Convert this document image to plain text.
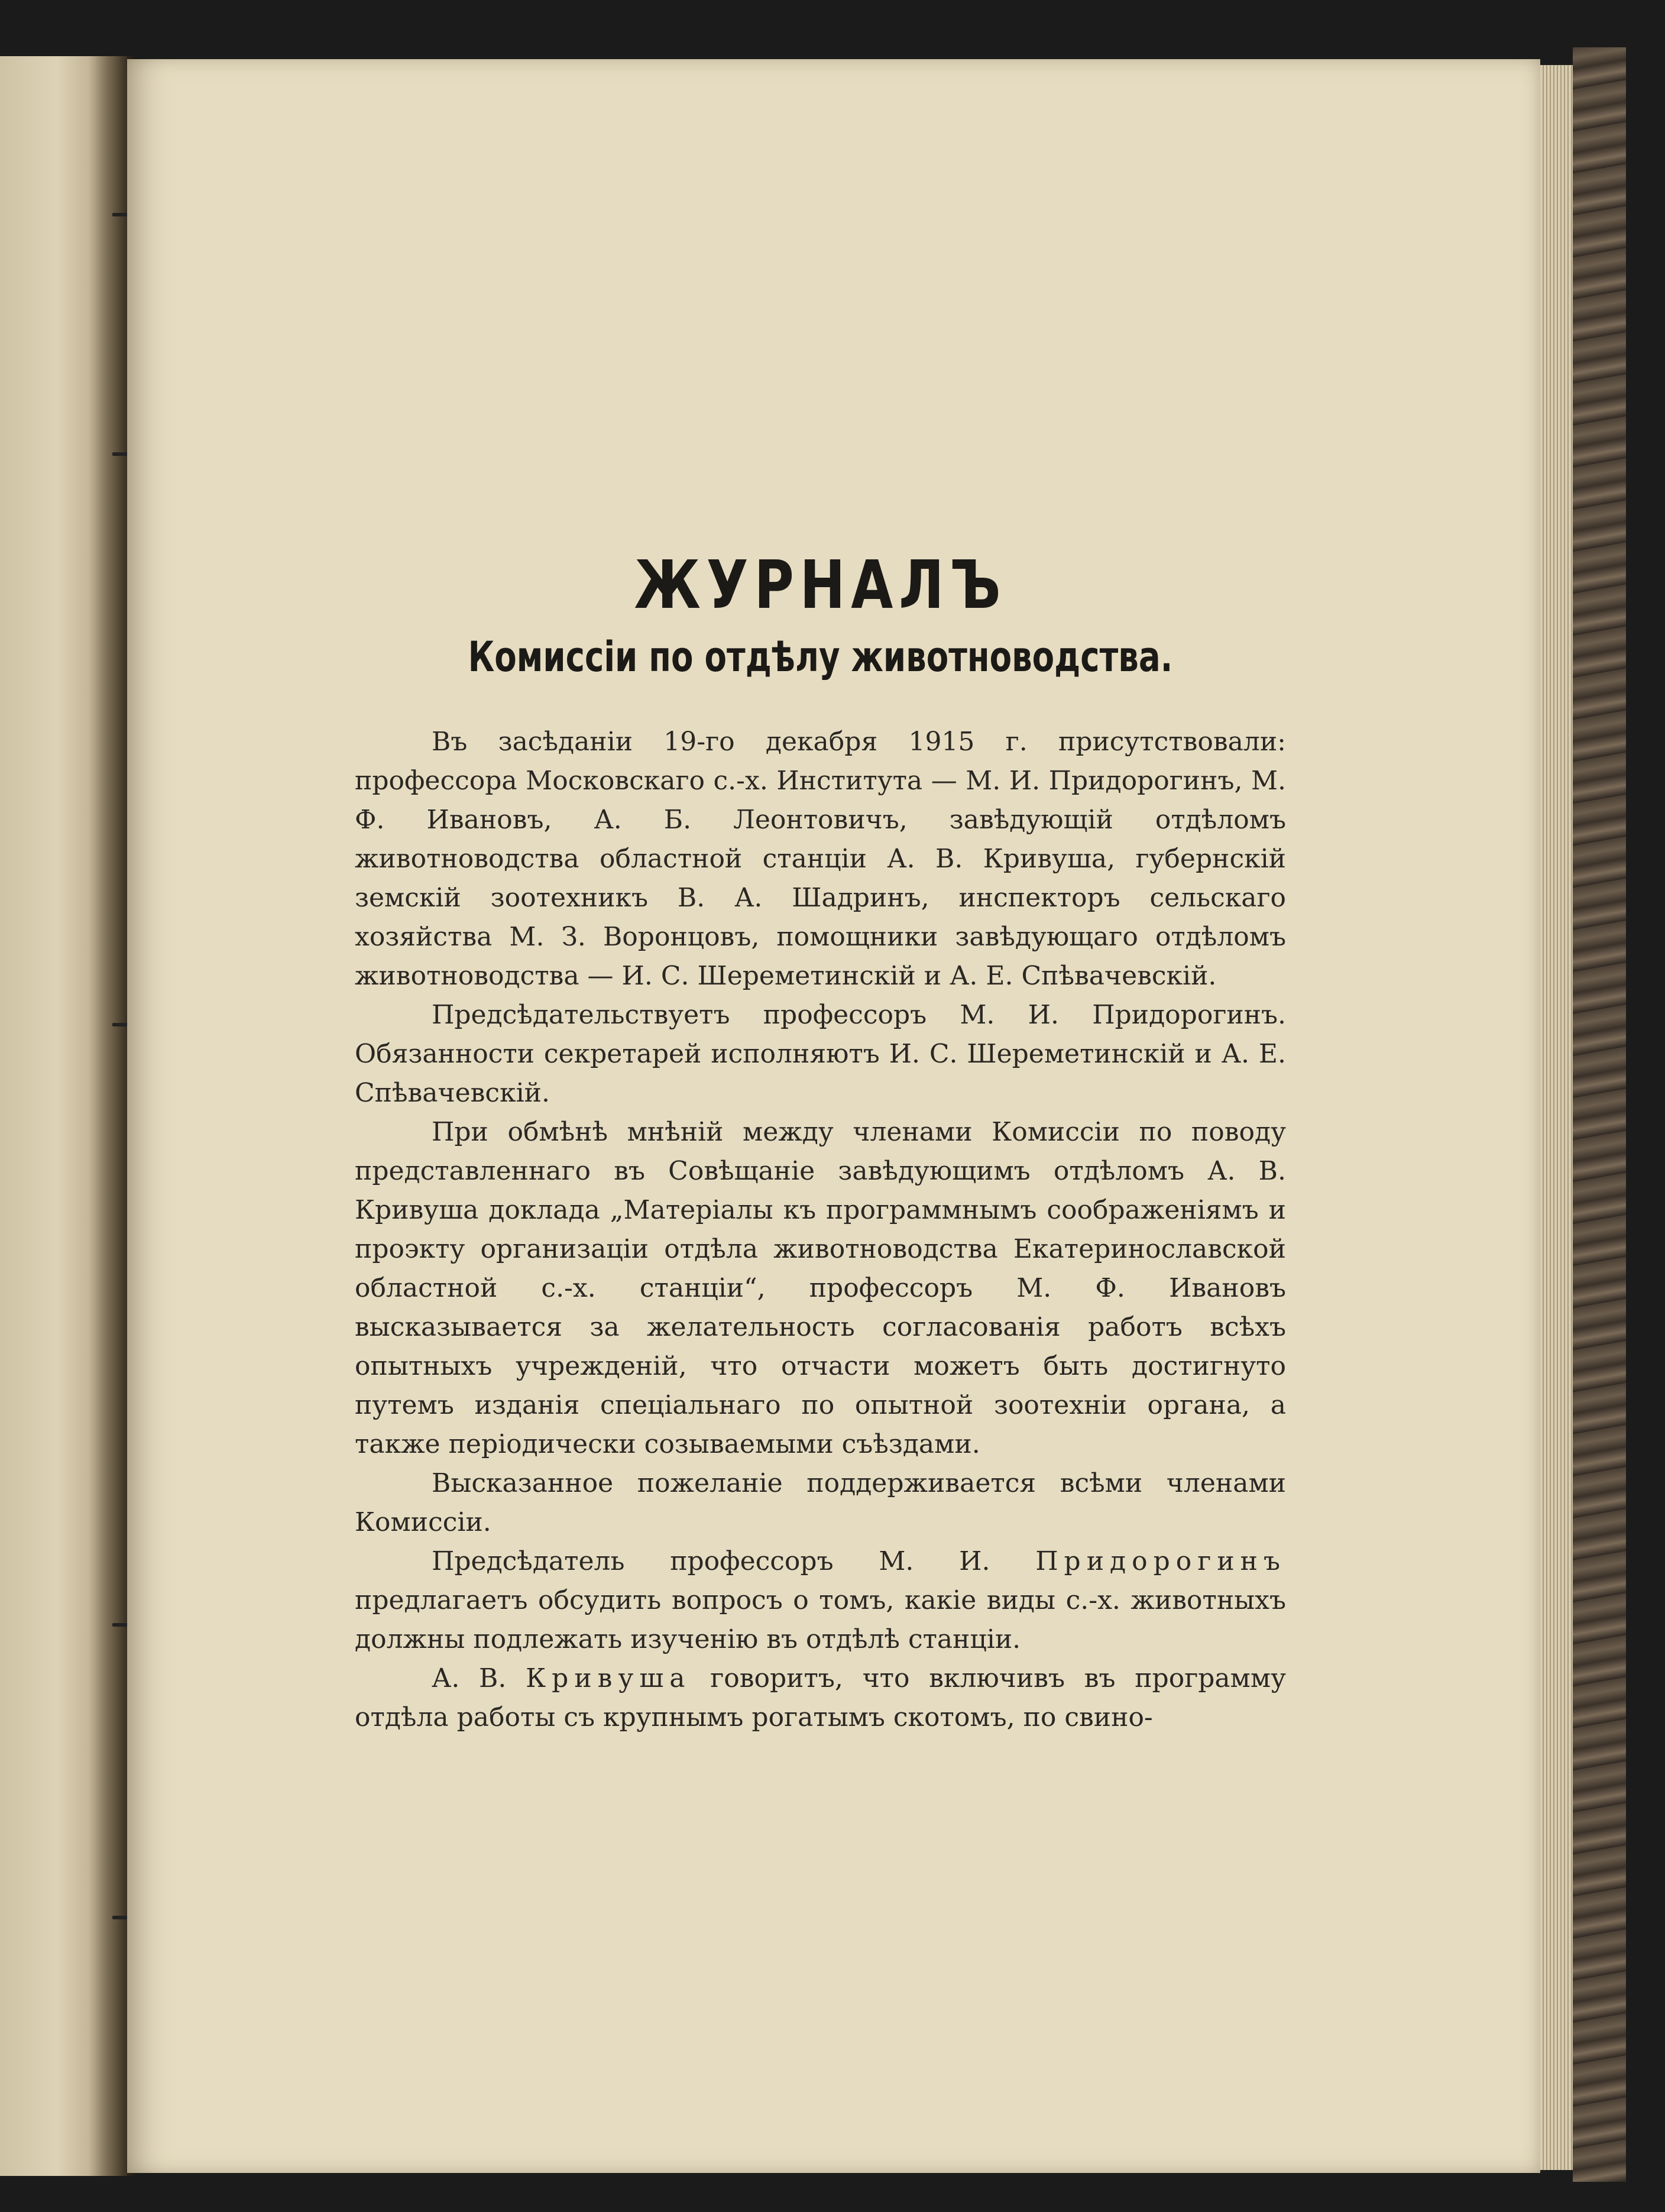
ЖУРНАЛЪ
Комиссіи по отдѣлу животноводства.

Въ засѣданіи 19-го декабря 1915 г. присутствовали: профессора Московскаго с.-х. Института — М. И. Придорогинъ, М. Ф. Ивановъ, А. Б. Леонтовичъ, завѣдующій отдѣломъ животноводства областной станціи А. В. Кривуша, губернскій земскій зоотехникъ В. А. Шадринъ, инспекторъ сельскаго хозяйства М. З. Воронцовъ, помощники завѣдующаго отдѣломъ животноводства — И. С. Шереметинскій и А. Е. Спѣвачевскій.

Предсѣдательствуетъ профессоръ М. И. Придорогинъ. Обязанности секретарей исполняютъ И. С. Шереметинскій и А. Е. Спѣвачевскій.

При обмѣнѣ мнѣній между членами Комиссіи по поводу представленнаго въ Совѣщаніе завѣдующимъ отдѣломъ А. В. Кривуша доклада „Матеріалы къ программнымъ соображеніямъ и проэкту организаціи отдѣла животноводства Екатеринославской областной с.-х. станціи“, профессоръ М. Ф. Ивановъ высказывается за желательность согласованія работъ всѣхъ опытныхъ учрежденій, что отчасти можетъ быть достигнуто путемъ изданія спеціальнаго по опытной зоотехніи органа, а также періодически созываемыми съѣздами.

Высказанное пожеланіе поддерживается всѣми членами Комиссіи.

Предсѣдатель профессоръ М. И. Придорогинъ предлагаетъ обсудить вопросъ о томъ, какіе виды с.-х. животныхъ должны подлежать изученію въ отдѣлѣ станціи.

А. В. Кривуша говоритъ, что включивъ въ программу отдѣла работы съ крупнымъ рогатымъ скотомъ, по свино-
